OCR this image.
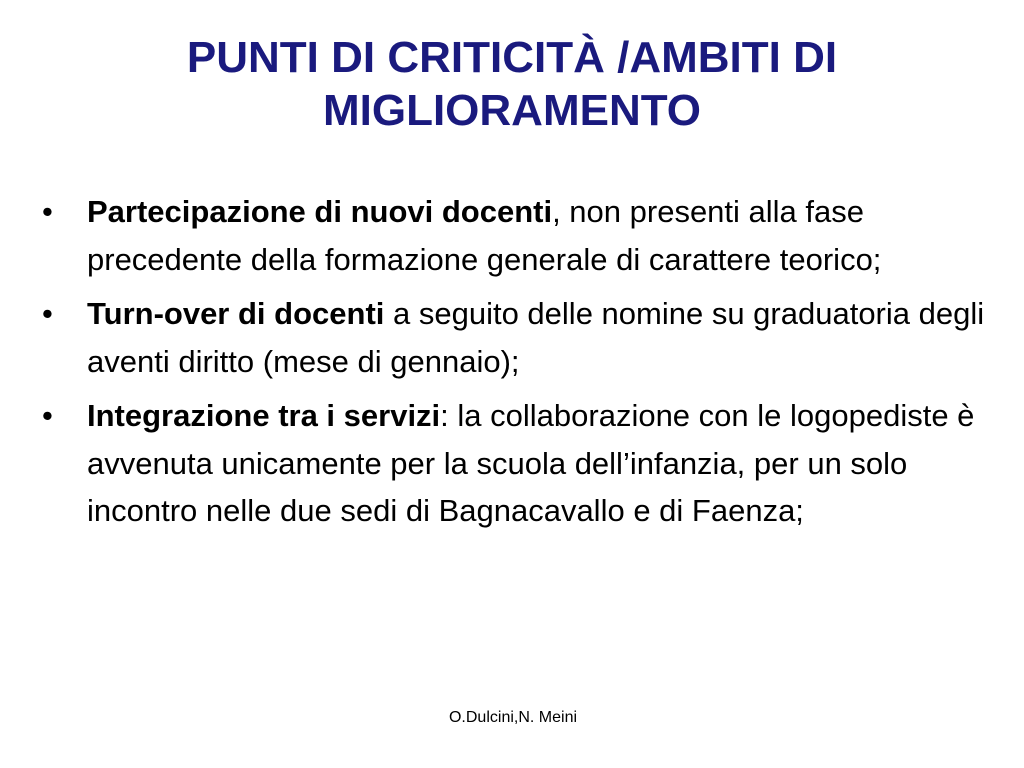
PUNTI DI CRITICITÀ /AMBITI DI
MIGLIORAMENTO
• Partecipazione di nuovi docenti, non presenti alla fase precedente della formazione generale di carattere teorico;
• Turn-over di docenti a seguito delle nomine su graduatoria degli aventi diritto (mese di gennaio);
• Integrazione tra i servizi: la collaborazione con le logopediste è avvenuta unicamente per la scuola dell’infanzia, per un solo incontro nelle due sedi di Bagnacavallo e di Faenza;
O.Dulcini,N. Meini
